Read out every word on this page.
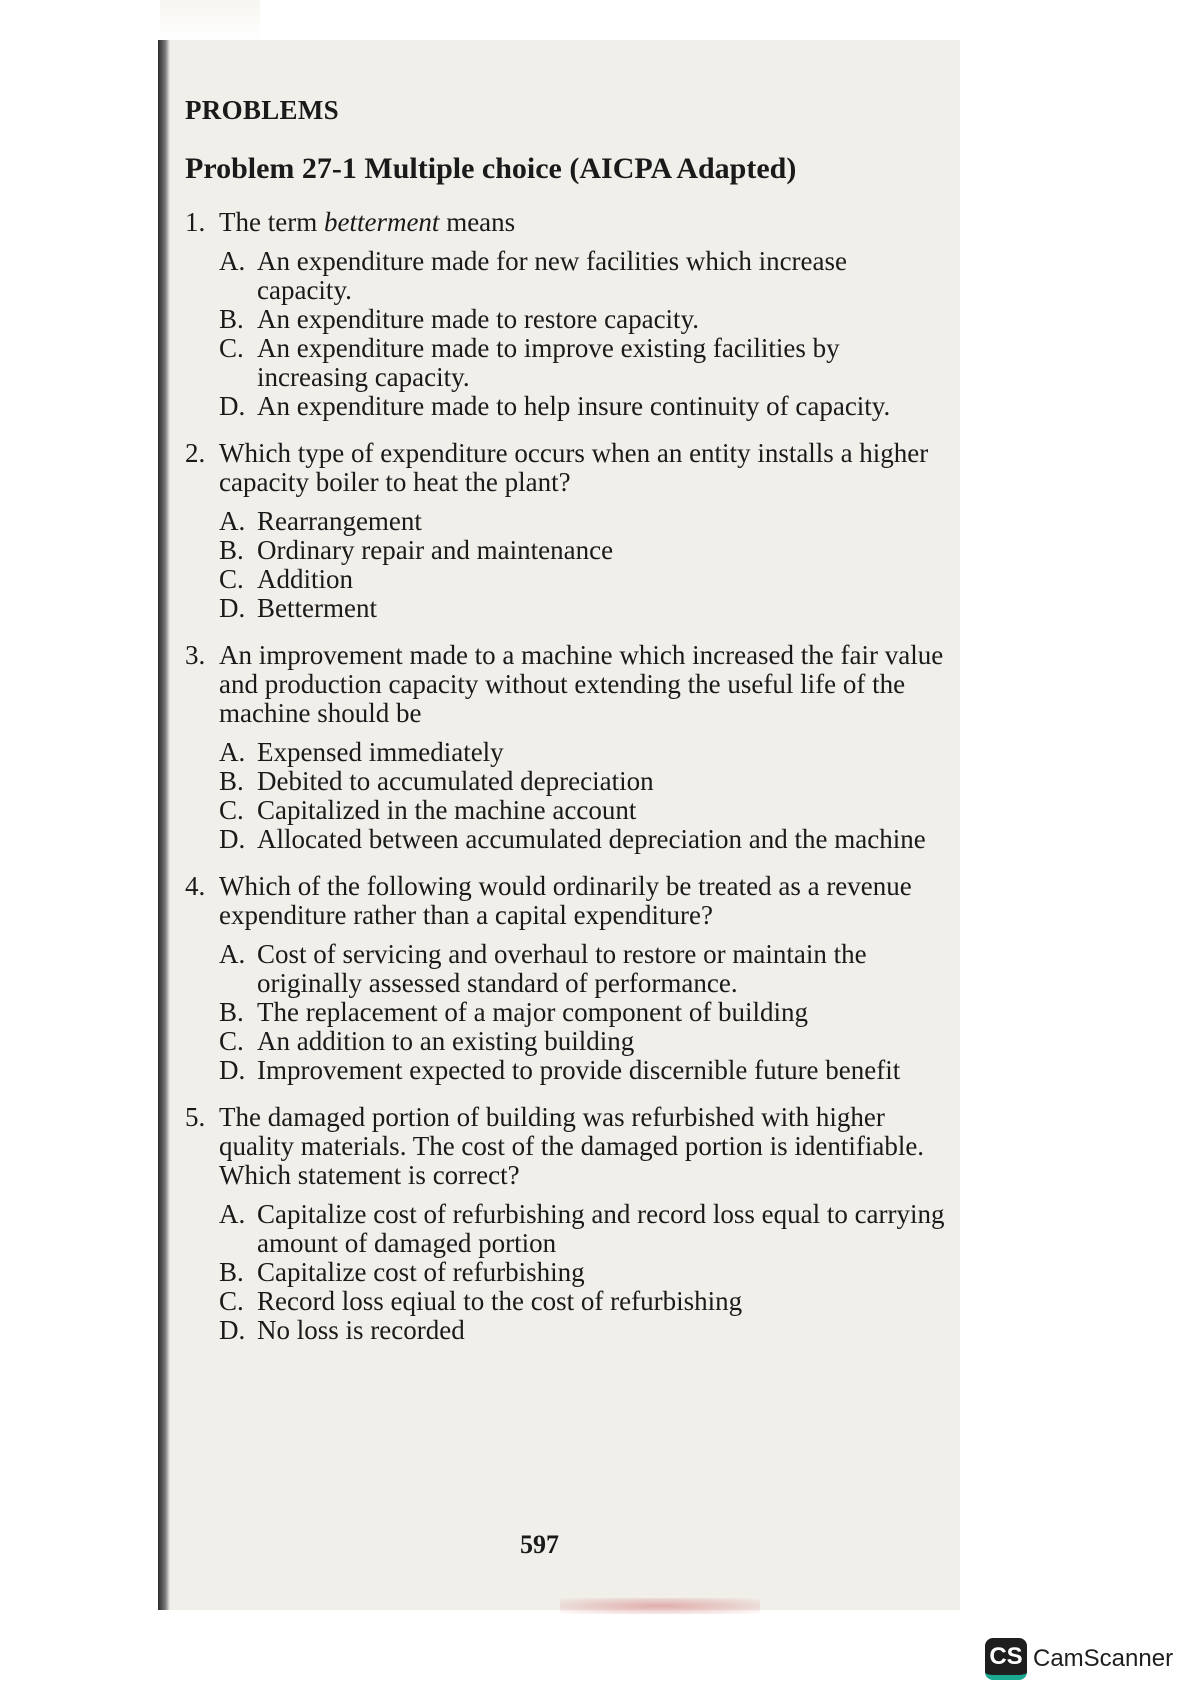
PROBLEMS
Problem 27-1 Multiple choice (AICPA Adapted)
1. The term betterment means
A. An expenditure made for new facilities which increase capacity.
B. An expenditure made to restore capacity.
C. An expenditure made to improve existing facilities by increasing capacity.
D. An expenditure made to help insure continuity of capacity.
2. Which type of expenditure occurs when an entity installs a higher capacity boiler to heat the plant?
A. Rearrangement
B. Ordinary repair and maintenance
C. Addition
D. Betterment
3. An improvement made to a machine which increased the fair value and production capacity without extending the useful life of the machine should be
A. Expensed immediately
B. Debited to accumulated depreciation
C. Capitalized in the machine account
D. Allocated between accumulated depreciation and the machine
4. Which of the following would ordinarily be treated as a revenue expenditure rather than a capital expenditure?
A. Cost of servicing and overhaul to restore or maintain the originally assessed standard of performance.
B. The replacement of a major component of building
C. An addition to an existing building
D. Improvement expected to provide discernible future benefit
5. The damaged portion of building was refurbished with higher quality materials. The cost of the damaged portion is identifiable. Which statement is correct?
A. Capitalize cost of refurbishing and record loss equal to carrying amount of damaged portion
B. Capitalize cost of refurbishing
C. Record loss eqiual to the cost of refurbishing
D. No loss is recorded
597
CS CamScanner
